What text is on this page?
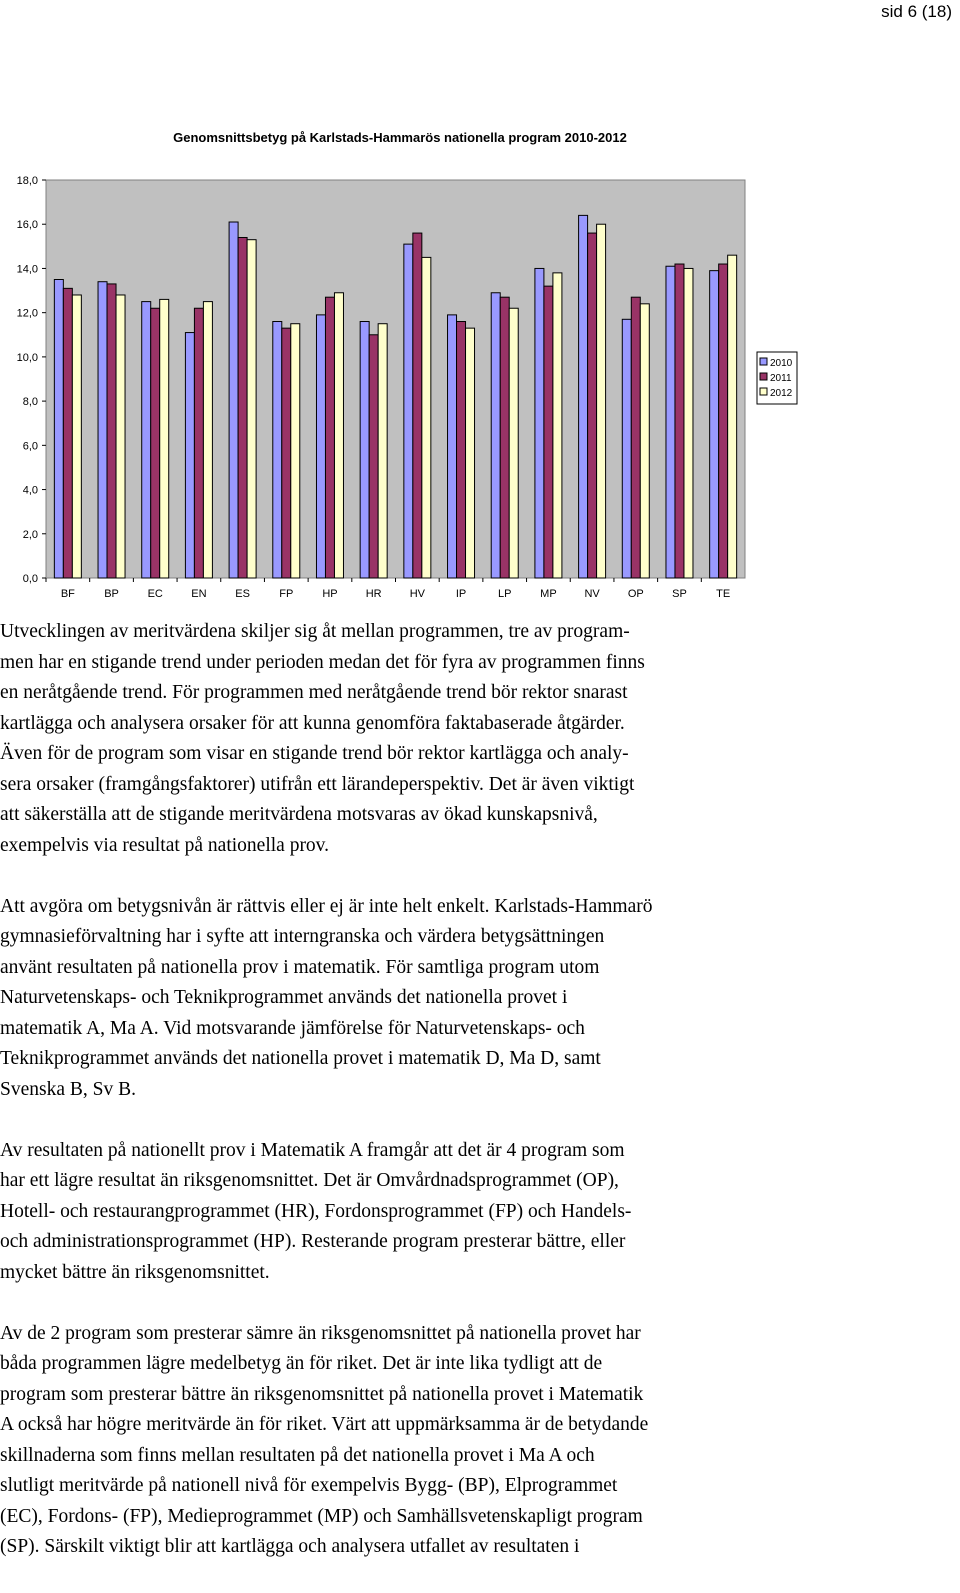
sid 6 (18)
Genomsnittsbetyg på Karlstads-Hammarös nationella program 2010-2012
0,0
2,0
4,0
6,0
8,0
10,0
12,0
14,0
16,0
18,0
BF	BP	EC	EN	ES	FP	HP	HR	HV	IP	LP	MP	NV	OP	SP	TE
2010
2011
2012

Utvecklingen av meritvärdena skiljer sig åt mellan programmen, tre av program-
men har en stigande trend under perioden medan det för fyra av programmen finns
en neråtgående trend. För programmen med neråtgående trend bör rektor snarast
kartlägga och analysera orsaker för att kunna genomföra faktabaserade åtgärder.
Även för de program som visar en stigande trend bör rektor kartlägga och analy-
sera orsaker (framgångsfaktorer) utifrån ett lärandeperspektiv. Det är även viktigt
att säkerställa att de stigande meritvärdena motsvaras av ökad kunskapsnivå,
exempelvis via resultat på nationella prov.

Att avgöra om betygsnivån är rättvis eller ej är inte helt enkelt. Karlstads-Hammarö
gymnasieförvaltning har i syfte att interngranska och värdera betygsättningen
använt resultaten på nationella prov i matematik. För samtliga program utom
Naturvetenskaps- och Teknikprogrammet används det nationella provet i
matematik A, Ma A. Vid motsvarande jämförelse för Naturvetenskaps- och
Teknikprogrammet används det nationella provet i matematik D, Ma D, samt
Svenska B, Sv B.

Av resultaten på nationellt prov i Matematik A framgår att det är 4 program som
har ett lägre resultat än riksgenomsnittet. Det är Omvårdnadsprogrammet (OP),
Hotell- och restaurangprogrammet (HR), Fordonsprogrammet (FP) och Handels-
och administrationsprogrammet (HP). Resterande program presterar bättre, eller
mycket bättre än riksgenomsnittet.

Av de 2 program som presterar sämre än riksgenomsnittet på nationella provet har
båda programmen lägre medelbetyg än för riket. Det är inte lika tydligt att de
program som presterar bättre än riksgenomsnittet på nationella provet i Matematik
A också har högre meritvärde än för riket. Värt att uppmärksamma är de betydande
skillnaderna som finns mellan resultaten på det nationella provet i Ma A och
slutligt meritvärde på nationell nivå för exempelvis Bygg- (BP), Elprogrammet
(EC), Fordons- (FP), Medieprogrammet (MP) och Samhällsvetenskapligt program
(SP). Särskilt viktigt blir att kartlägga och analysera utfallet av resultaten i
